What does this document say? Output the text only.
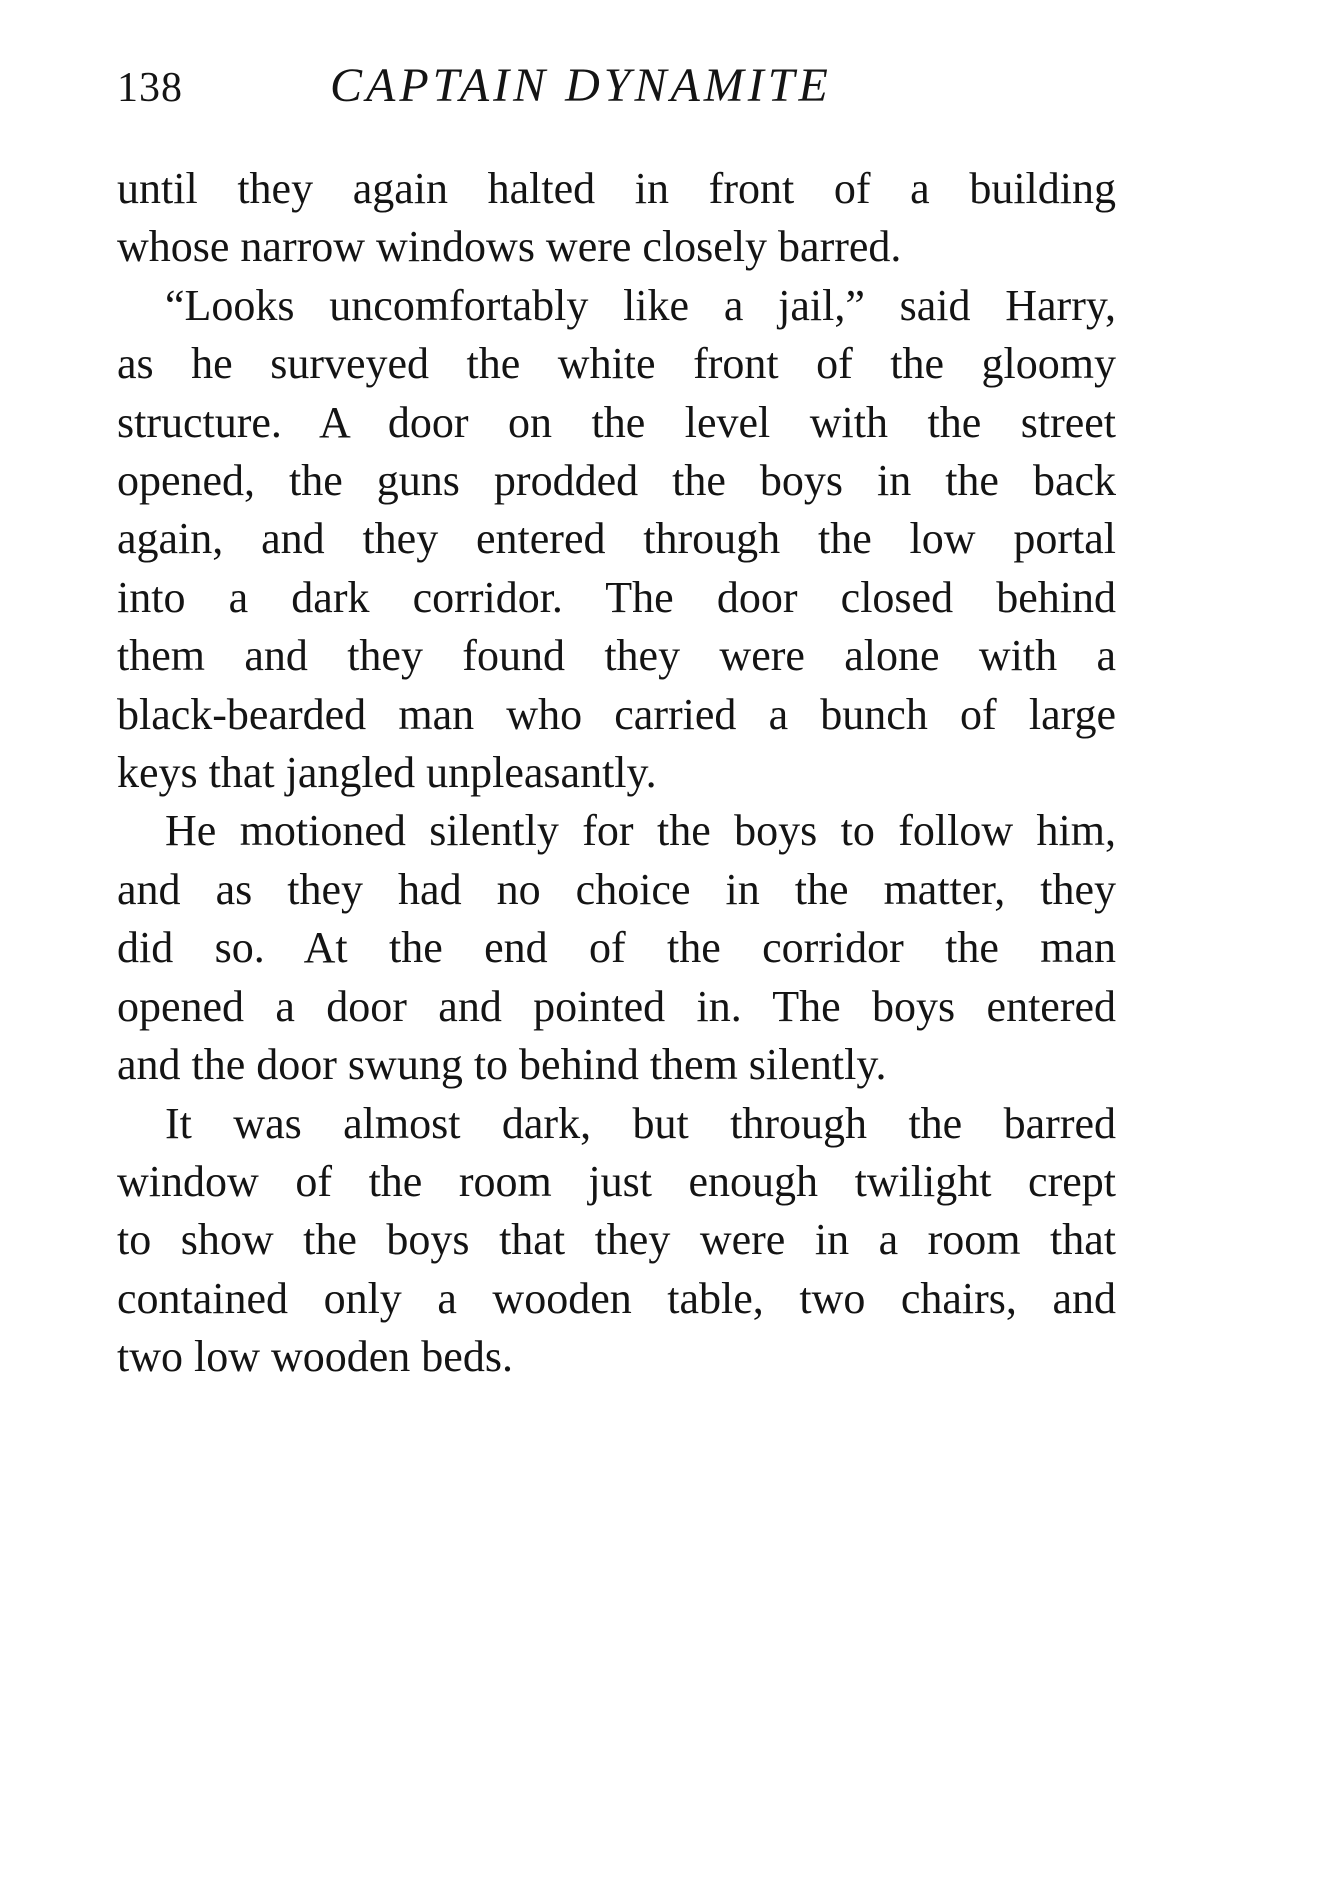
138	CAPTAIN DYNAMITE

until they again halted in front of a building
whose narrow windows were closely barred.

“Looks uncomfortably like a jail,” said Harry,
as he surveyed the white front of the gloomy
structure. A door on the level with the street
opened, the guns prodded the boys in the back
again, and they entered through the low portal
into a dark corridor. The door closed behind
them and they found they were alone with a
black-bearded man who carried a bunch of large
keys that jangled unpleasantly.

He motioned silently for the boys to follow him,
and as they had no choice in the matter, they
did so. At the end of the corridor the man
opened a door and pointed in. The boys entered
and the door swung to behind them silently.

It was almost dark, but through the barred
window of the room just enough twilight crept
to show the boys that they were in a room that
contained only a wooden table, two chairs, and
two low wooden beds.
